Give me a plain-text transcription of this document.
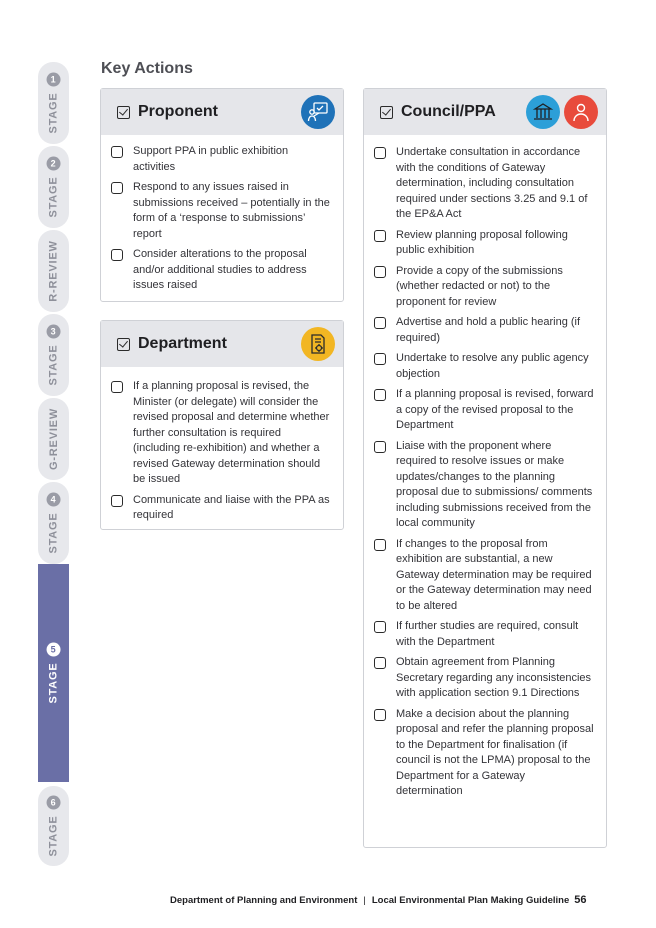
STAGE
1
STAGE
2
R-REVIEW
STAGE
3
G-REVIEW
STAGE
4
STAGE
5
STAGE
6
Key Actions
Proponent
Support PPA in public exhibition activities
Respond to any issues raised in submissions received – potentially in the form of a ‘response to submissions’ report
Consider alterations to the proposal and/or additional studies to address issues raised
Department
If a planning proposal is revised, the Minister (or delegate) will consider the revised proposal and determine whether further consultation is required (including re-exhibition) and whether a revised Gateway determination should be issued
Communicate and liaise with the PPA as required
Council/PPA
Undertake consultation in accordance with the conditions of Gateway determination, including consultation required under sections 3.25 and 9.1 of the EP&A Act
Review planning proposal following public exhibition
Provide a copy of the submissions (whether redacted or not) to the proponent for review
Advertise and hold a public hearing (if required)
Undertake to resolve any public agency objection
If a planning proposal is revised, forward a copy of the revised proposal to the Department
Liaise with the proponent where required to resolve issues or make updates/changes to the planning proposal due to submissions/ comments including submissions received from the local community
If changes to the proposal from exhibition are substantial, a new Gateway determination may be required or the Gateway determination may need to be altered
If further studies are required, consult with the Department
Obtain agreement from Planning Secretary regarding any inconsistencies with application section 9.1 Directions
Make a decision about the planning proposal and refer the planning proposal to the Department for finalisation (if council is not the LPMA) proposal to the Department for a Gateway determination
Department of Planning and Environment | Local Environmental Plan Making Guideline 56
